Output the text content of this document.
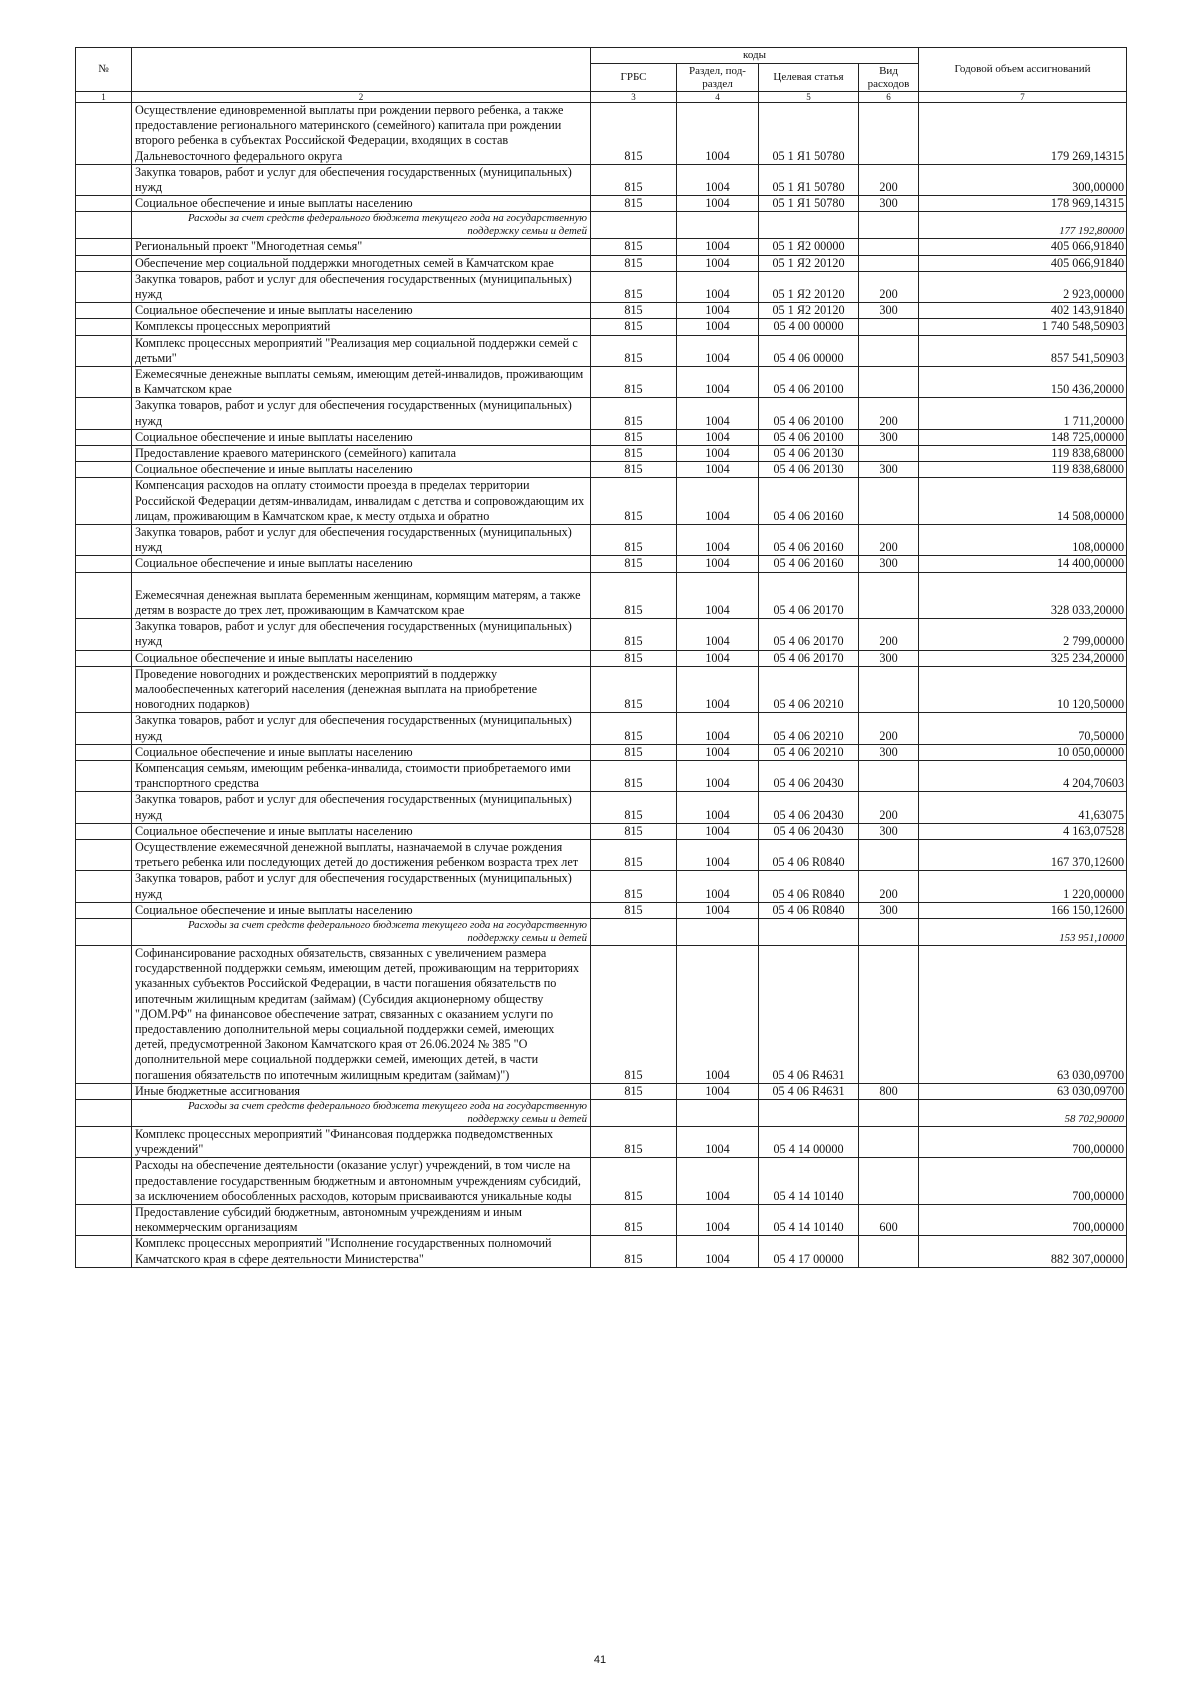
№		коды				Годовой объем ассигнований
		ГРБС	Раздел, под-раздел	Целевая статья	Вид расходов	
1	2	3	4	5	6	7
	Осуществление единовременной выплаты при рождении первого ребенка, а также предоставление регионального материнского (семейного) капитала при рождении второго ребенка в субъектах Российской Федерации, входящих в состав Дальневосточного федерального округа	815	1004	05 1 Я1 50780		179 269,14315
	Закупка товаров, работ и услуг для обеспечения государственных (муниципальных) нужд	815	1004	05 1 Я1 50780	200	300,00000
	Социальное обеспечение и иные выплаты населению	815	1004	05 1 Я1 50780	300	178 969,14315
	Расходы за счет средств федерального бюджета текущего года на государственную поддержку семьи и детей					177 192,80000
	Региональный проект "Многодетная семья"	815	1004	05 1 Я2 00000		405 066,91840
	Обеспечение мер социальной поддержки многодетных семей в Камчатском крае	815	1004	05 1 Я2 20120		405 066,91840
	Закупка товаров, работ и услуг для обеспечения государственных (муниципальных) нужд	815	1004	05 1 Я2 20120	200	2 923,00000
	Социальное обеспечение и иные выплаты населению	815	1004	05 1 Я2 20120	300	402 143,91840
	Комплексы процессных мероприятий	815	1004	05 4 00 00000		1 740 548,50903
	Комплекс процессных мероприятий "Реализация мер социальной поддержки семей с детьми"	815	1004	05 4 06 00000		857 541,50903
	Ежемесячные денежные выплаты семьям, имеющим детей-инвалидов, проживающим в Камчатском крае	815	1004	05 4 06 20100		150 436,20000
	Закупка товаров, работ и услуг для обеспечения государственных (муниципальных) нужд	815	1004	05 4 06 20100	200	1 711,20000
	Социальное обеспечение и иные выплаты населению	815	1004	05 4 06 20100	300	148 725,00000
	Предоставление краевого материнского (семейного) капитала	815	1004	05 4 06 20130		119 838,68000
	Социальное обеспечение и иные выплаты населению	815	1004	05 4 06 20130	300	119 838,68000
	Компенсация расходов на оплату стоимости проезда в пределах территории Российской Федерации детям-инвалидам, инвалидам с детства и сопровождающим их лицам, проживающим в Камчатском крае, к месту отдыха и обратно	815	1004	05 4 06 20160		14 508,00000
	Закупка товаров, работ и услуг для обеспечения государственных (муниципальных) нужд	815	1004	05 4 06 20160	200	108,00000
	Социальное обеспечение и иные выплаты населению	815	1004	05 4 06 20160	300	14 400,00000
	Ежемесячная денежная выплата беременным женщинам, кормящим матерям, а также детям в возрасте до трех лет, проживающим в Камчатском крае	815	1004	05 4 06 20170		328 033,20000
	Закупка товаров, работ и услуг для обеспечения государственных (муниципальных) нужд	815	1004	05 4 06 20170	200	2 799,00000
	Социальное обеспечение и иные выплаты населению	815	1004	05 4 06 20170	300	325 234,20000
	Проведение новогодних и рождественских мероприятий в поддержку малообеспеченных категорий населения (денежная выплата на приобретение новогодних подарков)	815	1004	05 4 06 20210		10 120,50000
	Закупка товаров, работ и услуг для обеспечения государственных (муниципальных) нужд	815	1004	05 4 06 20210	200	70,50000
	Социальное обеспечение и иные выплаты населению	815	1004	05 4 06 20210	300	10 050,00000
	Компенсация семьям, имеющим ребенка-инвалида, стоимости приобретаемого ими транспортного средства	815	1004	05 4 06 20430		4 204,70603
	Закупка товаров, работ и услуг для обеспечения государственных (муниципальных) нужд	815	1004	05 4 06 20430	200	41,63075
	Социальное обеспечение и иные выплаты населению	815	1004	05 4 06 20430	300	4 163,07528
	Осуществление ежемесячной денежной выплаты, назначаемой в случае рождения третьего ребенка или последующих детей до достижения ребенком возраста трех лет	815	1004	05 4 06 R0840		167 370,12600
	Закупка товаров, работ и услуг для обеспечения государственных (муниципальных) нужд	815	1004	05 4 06 R0840	200	1 220,00000
	Социальное обеспечение и иные выплаты населению	815	1004	05 4 06 R0840	300	166 150,12600
	Расходы за счет средств федерального бюджета текущего года на государственную поддержку семьи и детей					153 951,10000
	Софинансирование расходных обязательств, связанных с увеличением размера государственной поддержки семьям, имеющим детей, проживающим на территориях указанных субъектов Российской Федерации, в части погашения обязательств по ипотечным жилищным кредитам (займам) (Субсидия акционерному обществу "ДОМ.РФ" на финансовое обеспечение затрат, связанных с оказанием услуги по предоставлению дополнительной меры социальной поддержки семей, имеющих детей, предусмотренной Законом Камчатского края от 26.06.2024 № 385 "О дополнительной мере социальной поддержки семей, имеющих детей, в части погашения обязательств по ипотечным жилищным кредитам (займам)")	815	1004	05 4 06 R4631		63 030,09700
	Иные бюджетные ассигнования	815	1004	05 4 06 R4631	800	63 030,09700
	Расходы за счет средств федерального бюджета текущего года на государственную поддержку семьи и детей					58 702,90000
	Комплекс процессных мероприятий "Финансовая поддержка подведомственных учреждений"	815	1004	05 4 14 00000		700,00000
	Расходы на обеспечение деятельности (оказание услуг) учреждений, в том числе на предоставление государственным бюджетным и автономным учреждениям субсидий, за исключением обособленных расходов, которым присваиваются уникальные коды	815	1004	05 4 14 10140		700,00000
	Предоставление субсидий бюджетным, автономным учреждениям и иным некоммерческим организациям	815	1004	05 4 14 10140	600	700,00000
	Комплекс процессных мероприятий "Исполнение государственных полномочий Камчатского края в сфере деятельности Министерства"	815	1004	05 4 17 00000		882 307,00000
41
